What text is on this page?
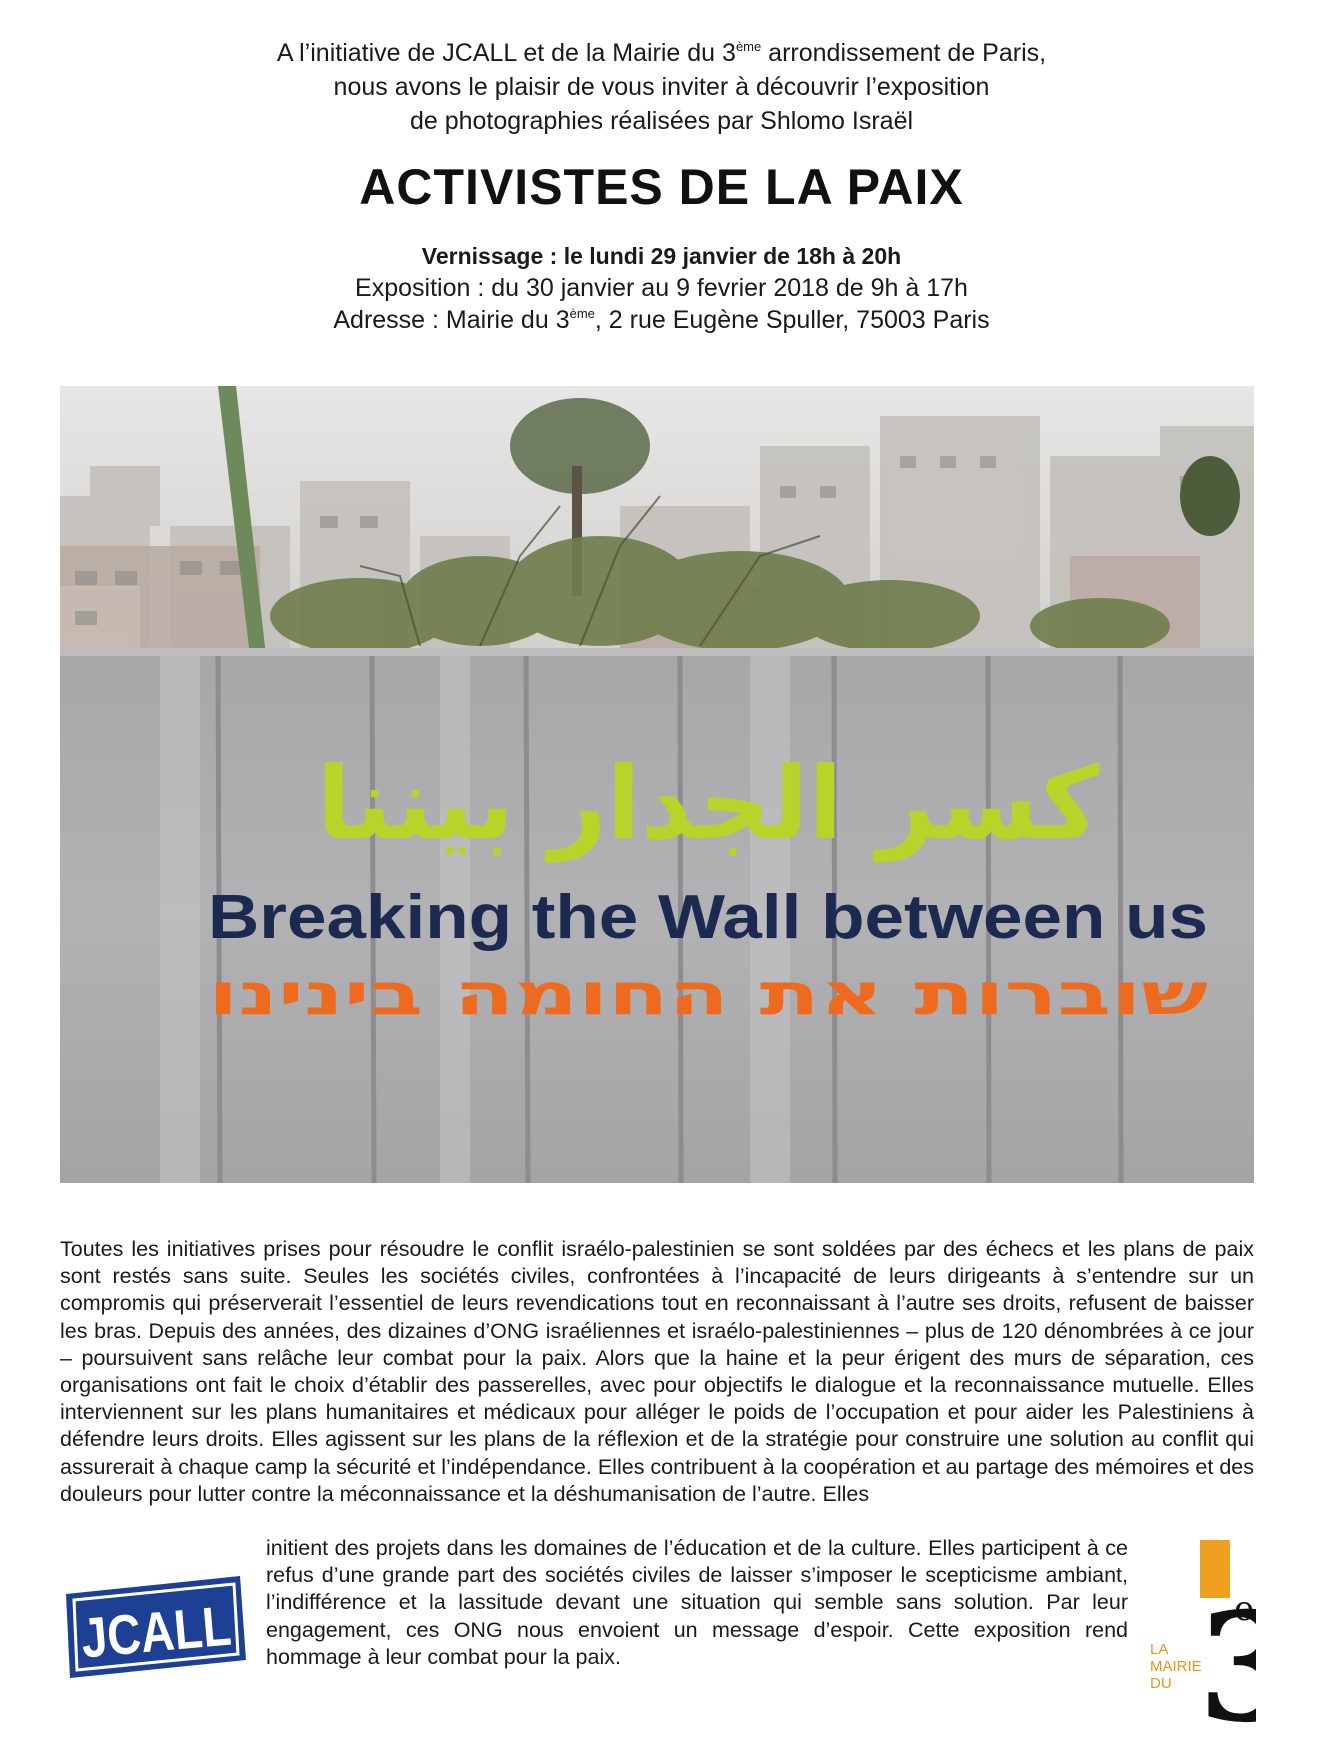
A l’initiative de JCALL et de la Mairie du 3ème arrondissement de Paris,

nous avons le plaisir de vous inviter à découvrir l’exposition

de photographies réalisées par Shlomo Israël

ACTIVISTES DE LA PAIX

Vernissage : le lundi 29 janvier de 18h à 20h

Exposition : du 30 janvier au 9 fevrier 2018 de 9h à 17h

Adresse : Mairie du 3ème, 2 rue Eugène Spuller, 75003 Paris

كسر الجدار بيننا
Breaking the Wall between us
שוברות את החומה בינינו

Toutes les initiatives prises pour résoudre le conflit israélo-palestinien se sont soldées par des échecs et les plans de paix sont restés sans suite. Seules les sociétés civiles, confrontées à l’incapacité de leurs dirigeants à s’entendre sur un compromis qui préserverait l’essentiel de leurs revendications tout en reconnaissant à l’autre ses droits, refusent de baisser les bras. Depuis des années, des dizaines d’ONG israéliennes et israélo-palestiniennes – plus de 120 dénombrées à ce jour – poursuivent sans relâche leur combat pour la paix. Alors que la haine et la peur érigent des murs de séparation, ces organisations ont fait le choix d’établir des passerelles, avec pour objectifs le dialogue et la reconnaissance mutuelle. Elles interviennent sur les plans humanitaires et médicaux pour alléger le poids de l’occupation et pour aider les Palestiniens à défendre leurs droits. Elles agissent sur les plans de la réflexion et de la stratégie pour construire une solution au conflit qui assurerait à chaque camp la sécurité et l’indépendance. Elles contribuent à la coopération et au partage des mémoires et des douleurs pour lutter contre la méconnaissance et la déshumanisation de l’autre. Elles

initient des projets dans les domaines de l’éducation et de la culture. Elles participent à ce refus d’une grande part des sociétés civiles de laisser s’imposer le scepticisme ambiant, l’indifférence et la lassitude devant une situation qui semble sans solution. Par leur engagement, ces ONG nous envoient un message d’espoir. Cette exposition rend hommage à leur combat pour la paix.

JCALL	3
e
LA
MAIRIE
DU
